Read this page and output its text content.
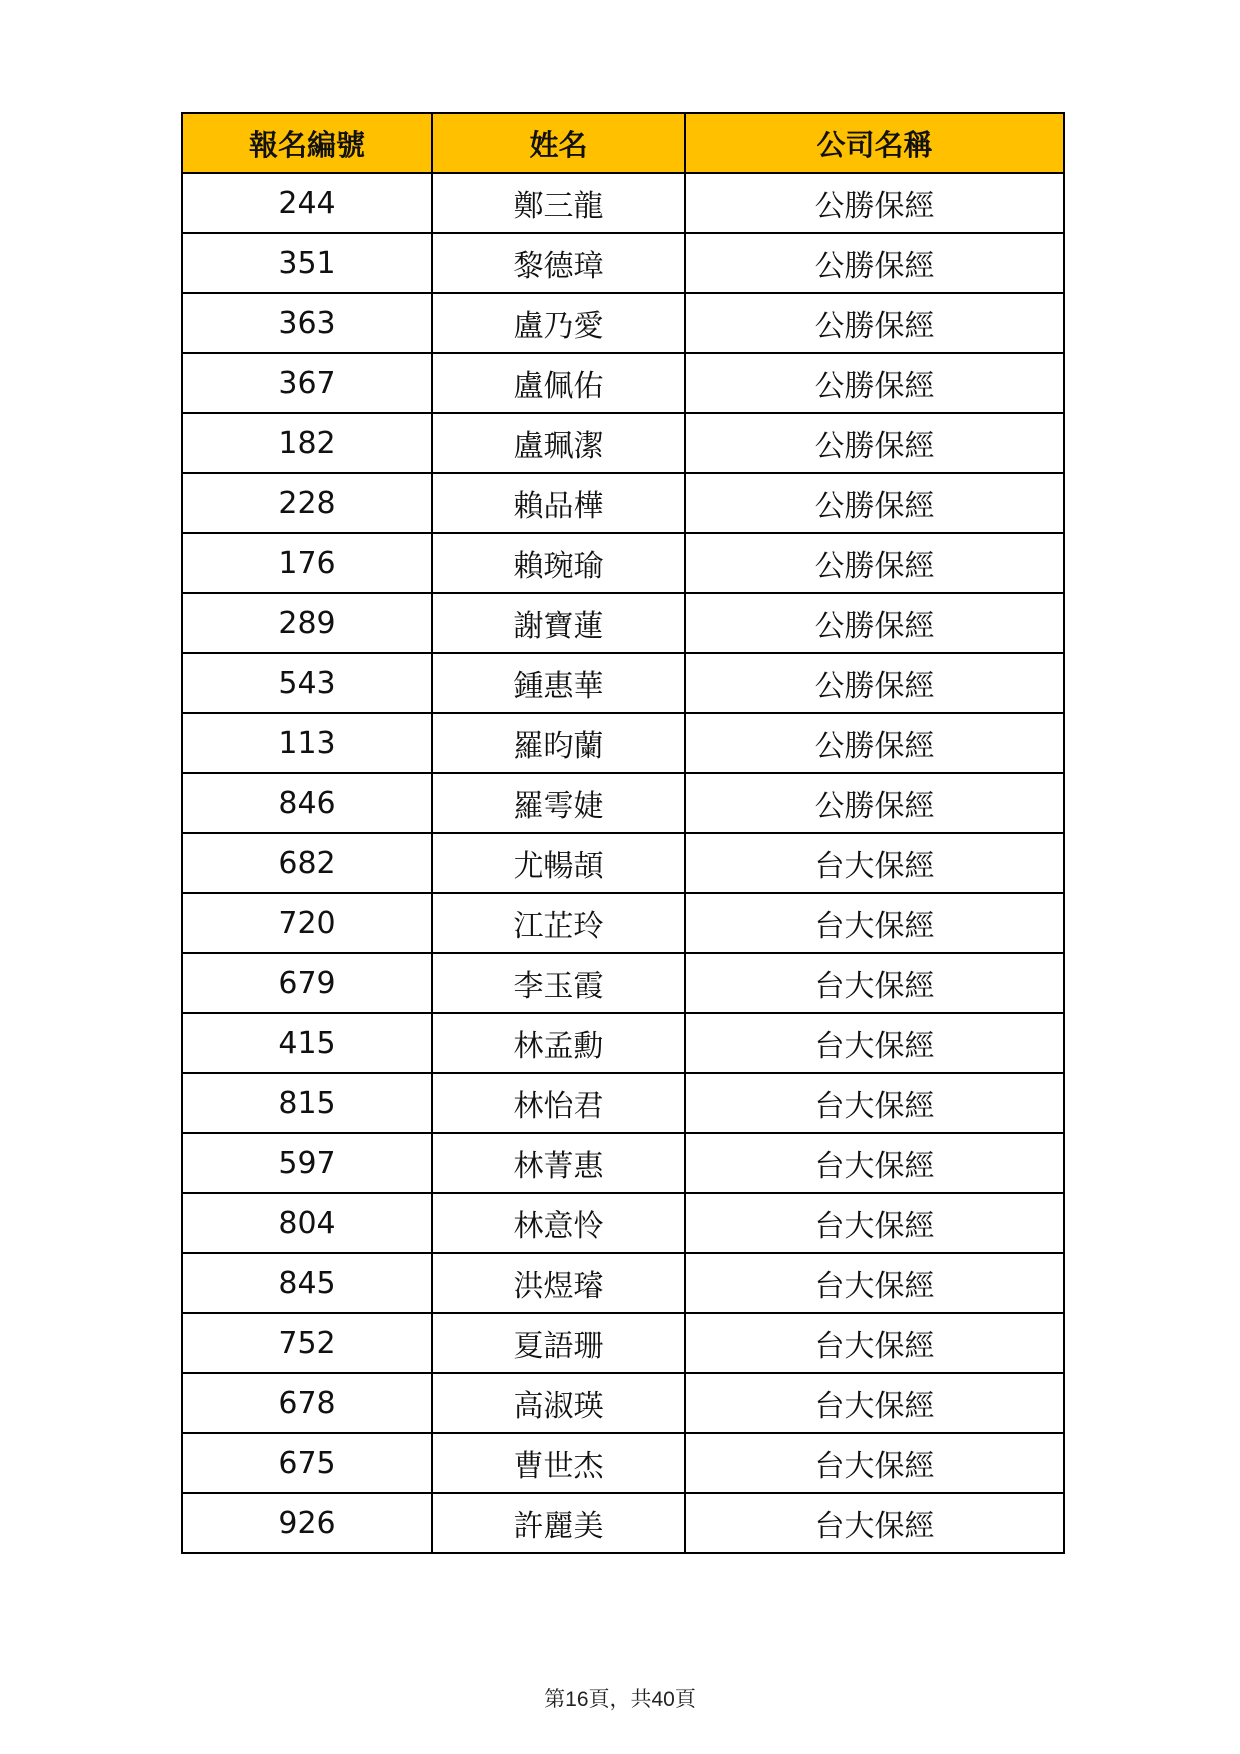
報名編號	姓名	公司名稱
244	鄭三龍	公勝保經
351	黎德璋	公勝保經
363	盧乃愛	公勝保經
367	盧佩佑	公勝保經
182	盧珮潔	公勝保經
228	賴品樺	公勝保經
176	賴琬瑜	公勝保經
289	謝寶蓮	公勝保經
543	鍾惠華	公勝保經
113	羅昀蘭	公勝保經
846	羅雩婕	公勝保經
682	尤暢頡	台大保經
720	江芷玲	台大保經
679	李玉霞	台大保經
415	林孟勳	台大保經
815	林怡君	台大保經
597	林菁惠	台大保經
804	林意怜	台大保經
845	洪煜璿	台大保經
752	夏語珊	台大保經
678	高淑瑛	台大保經
675	曹世杰	台大保經
926	許麗美	台大保經
第16頁，共40頁
